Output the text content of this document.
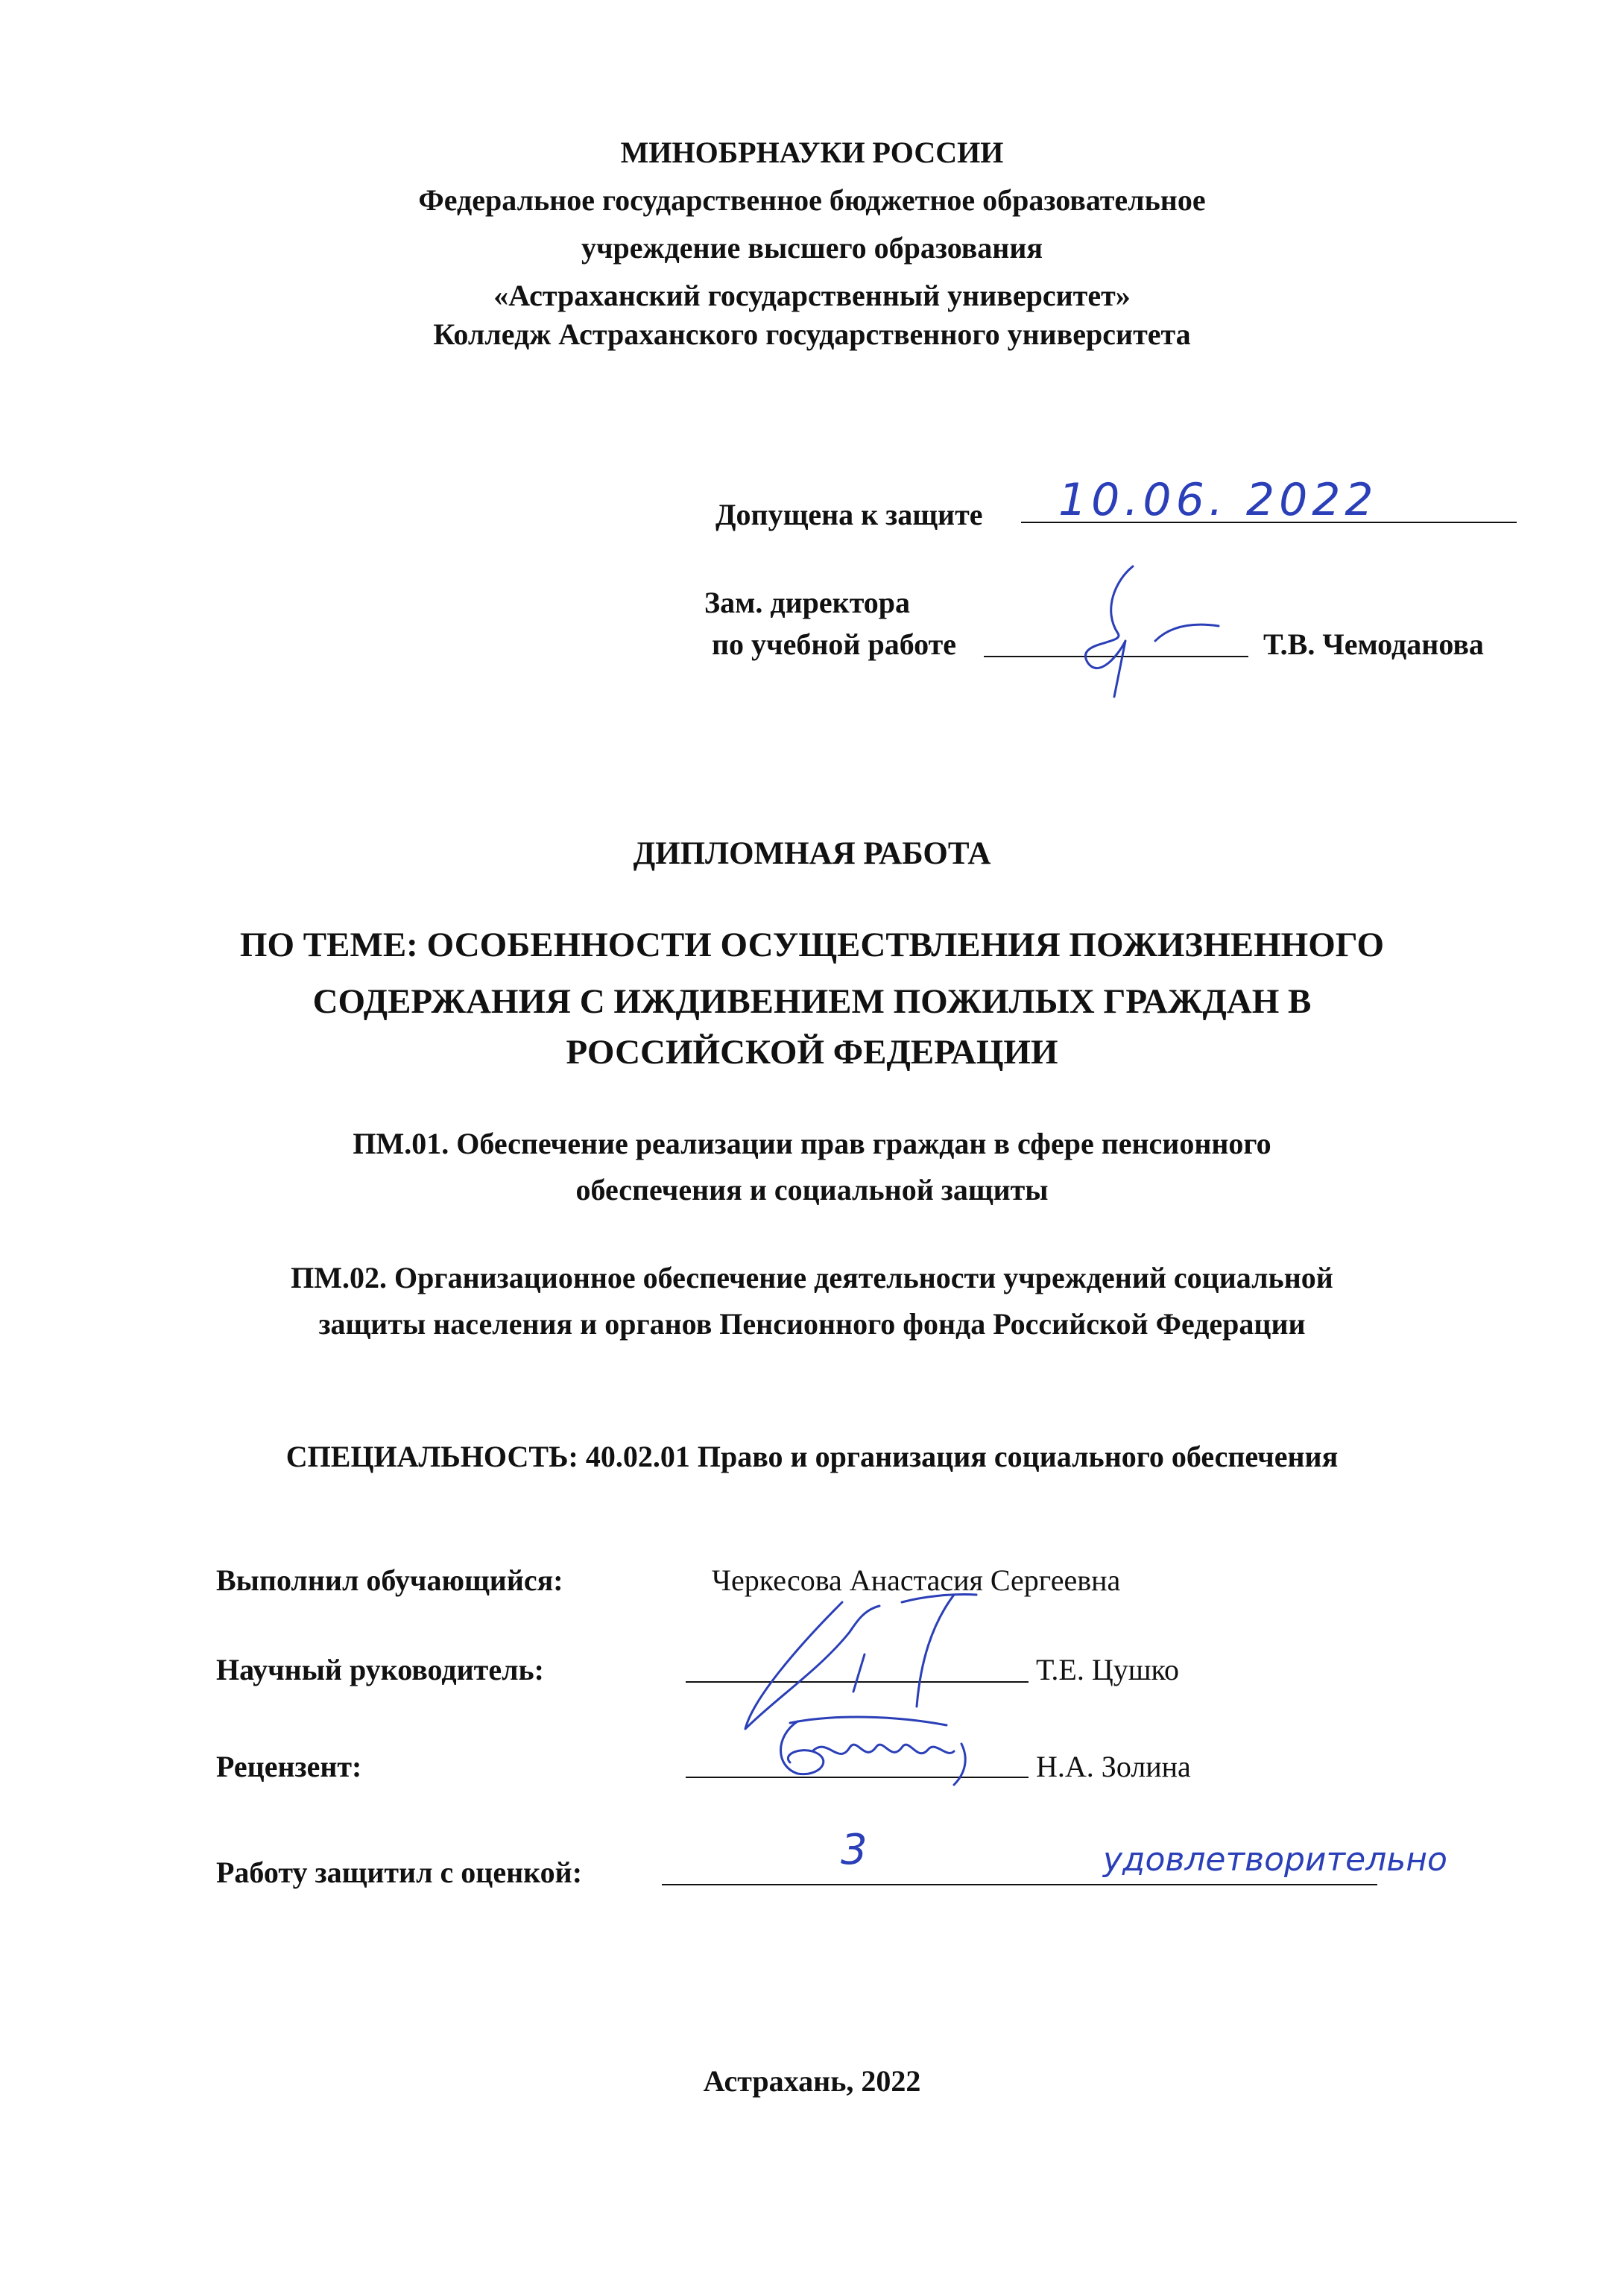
МИНОБРНАУКИ РОССИИ
Федеральное государственное бюджетное образовательное
учреждение высшего образования
«Астраханский государственный университет»
Колледж Астраханского государственного университета
Допущена к защите 10.06. 2022
Зам. директора
по учебной работе	Т.В. Чемоданова
ДИПЛОМНАЯ РАБОТА
ПО ТЕМЕ: ОСОБЕННОСТИ ОСУЩЕСТВЛЕНИЯ ПОЖИЗНЕННОГО
СОДЕРЖАНИЯ С ИЖДИВЕНИЕМ ПОЖИЛЫХ ГРАЖДАН В
РОССИЙСКОЙ ФЕДЕРАЦИИ
ПМ.01. Обеспечение реализации прав граждан в сфере пенсионного
обеспечения и социальной защиты
ПМ.02. Организационное обеспечение деятельности учреждений социальной
защиты населения и органов Пенсионного фонда Российской Федерации
СПЕЦИАЛЬНОСТЬ: 40.02.01 Право и организация социального обеспечения
Выполнил обучающийся:	Черкесова Анастасия Сергеевна
Научный руководитель:	Т.Е. Цушко
Рецензент:	Н.А. Золина
Работу защитил с оценкой:	3	удовлетворительно
Астрахань, 2022
